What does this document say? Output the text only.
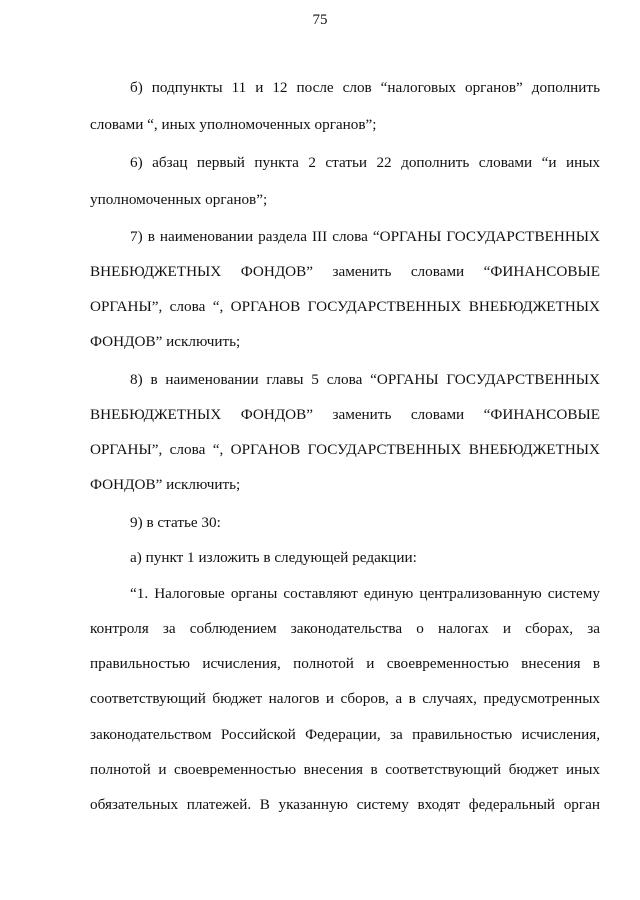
75
б) подпункты 11 и 12 после слов “налоговых органов” дополнить
словами “, иных уполномоченных органов”;
6) абзац первый пункта 2 статьи 22 дополнить словами “и иных
уполномоченных органов”;
7) в наименовании раздела III слова “ОРГАНЫ ГОСУДАРСТВЕННЫХ
ВНЕБЮДЖЕТНЫХ ФОНДОВ” заменить словами “ФИНАНСОВЫЕ
ОРГАНЫ”, слова “, ОРГАНОВ ГОСУДАРСТВЕННЫХ ВНЕБЮДЖЕТНЫХ
ФОНДОВ” исключить;
8) в наименовании главы 5 слова “ОРГАНЫ ГОСУДАРСТВЕННЫХ
ВНЕБЮДЖЕТНЫХ ФОНДОВ” заменить словами “ФИНАНСОВЫЕ
ОРГАНЫ”, слова “, ОРГАНОВ ГОСУДАРСТВЕННЫХ ВНЕБЮДЖЕТНЫХ
ФОНДОВ” исключить;
9) в статье 30:
а) пункт 1 изложить в следующей редакции:
“1. Налоговые органы составляют единую централизованную систему
контроля за соблюдением законодательства о налогах и сборах, за
правильностью исчисления, полнотой и своевременностью внесения в
соответствующий бюджет налогов и сборов, а в случаях, предусмотренных
законодательством Российской Федерации, за правильностью исчисления,
полнотой и своевременностью внесения в соответствующий бюджет иных
обязательных платежей. В указанную систему входят федеральный орган
